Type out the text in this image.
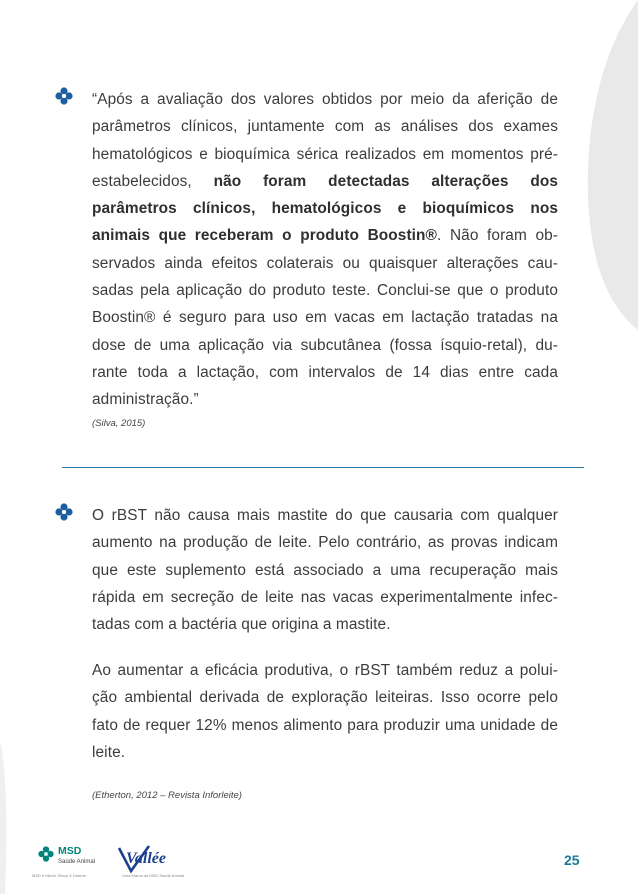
“Após a avaliação dos valores obtidos por meio da aferição de parâmetros clínicos, juntamente com as análises dos exames hematológicos e bioquímica sérica realizados em momentos pré-estabelecidos, não foram detectadas alterações dos parâmetros clínicos, hematológicos e bioquímicos nos animais que receberam o produto Boostin®. Não foram ob-servados ainda efeitos colaterais ou quaisquer alterações cau-sadas pela aplicação do produto teste. Conclui-se que o produto Boostin® é seguro para uso em vacas em lactação tratadas na dose de uma aplicação via subcutânea (fossa ísquio-retal), du-rante toda a lactação, com intervalos de 14 dias entre cada administração.”

(Silva, 2015)

O rBST não causa mais mastite do que causaria com qualquer aumento na produção de leite. Pelo contrário, as provas indicam que este suplemento está associado a uma recuperação mais rápida em secreção de leite nas vacas experimentalmente infec-tadas com a bactéria que origina a mastite.

Ao aumentar a eficácia produtiva, o rBST também reduz a polui-ção ambiental derivada de exploração leiteiras. Isso ocorre pelo fato de requer 12% menos alimento para produzir uma unidade de leite.

(Etherton, 2012 – Revista Inforleite)
MSD
Saúde Animal
MSD é Merck Sharp & Dohme
Vallée
Uma Marca da MSD Saúde Animal
25
